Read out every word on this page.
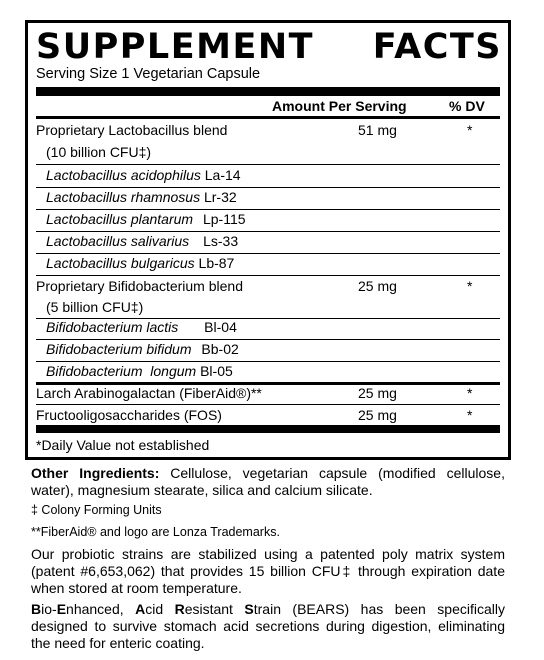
SUPPLEMENT FACTS
Serving Size 1 Vegetarian Capsule
Amount Per Serving	% DV
Proprietary Lactobacillus blend	51 mg	*
(10 billion CFU‡)
Lactobacillus acidophilus La-14
Lactobacillus rhamnosus Lr-32
Lactobacillus plantarum Lp-115
Lactobacillus salivarius Ls-33
Lactobacillus bulgaricus Lb-87
Proprietary Bifidobacterium blend	25 mg	*
(5 billion CFU‡)
Bifidobacterium lactis Bl-04
Bifidobacterium bifidum Bb-02
Bifidobacterium  longum Bl-05
Larch Arabinogalactan (FiberAid®)**	25 mg	*
Fructooligosaccharides (FOS)	25 mg	*
*Daily Value not established
Other Ingredients: Cellulose, vegetarian capsule (modified cellulose, water), magnesium stearate, silica and calcium silicate.
‡ Colony Forming Units
**FiberAid® and logo are Lonza Trademarks.
Our probiotic strains are stabilized using a patented poly matrix system (patent #6,653,062) that provides 15 billion CFU‡ through expiration date when stored at room temperature.
Bio-Enhanced, Acid Resistant Strain (BEARS) has been specifically designed to survive stomach acid secretions during digestion, eliminating the need for enteric coating.
